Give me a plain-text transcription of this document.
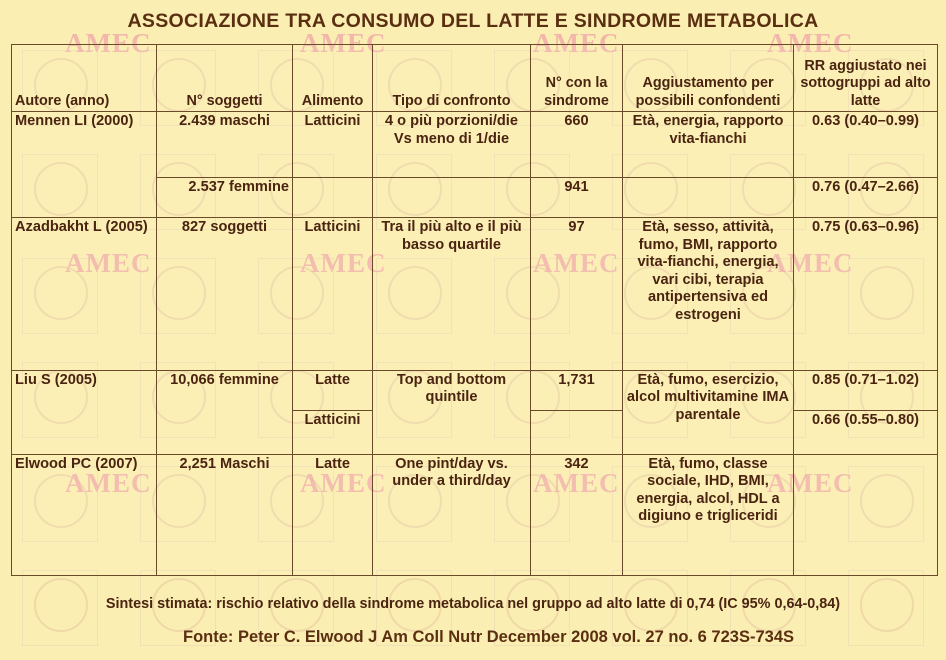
AMEC	AMEC	AMEC	AMEC
AMEC	AMEC	AMEC	AMEC
AMEC	AMEC	AMEC	AMEC
ASSOCIAZIONE TRA CONSUMO DEL LATTE E SINDROME METABOLICA
Autore (anno)	N° soggetti	Alimento	Tipo di confronto	N° con la sindrome	Aggiustamento per possibili confondenti	RR aggiustato nei sottogruppi ad alto latte
Mennen LI (2000)	2.439 maschi	Latticini	4 o più porzioni/die Vs meno di 1/die	660	Età, energia, rapporto vita-fianchi	0.63 (0.40–0.99)
	2.537 femmine			941		0.76 (0.47–2.66)
Azadbakht L (2005)	827 soggetti	Latticini	Tra il più alto e il più basso quartile	97	Età, sesso, attività, fumo, BMI, rapporto vita-fianchi, energia, vari cibi, terapia antipertensiva ed estrogeni	0.75 (0.63–0.96)
Liu S (2005)	10,066 femmine	Latte	Top and bottom quintile	1,731	Età, fumo, esercizio, alcol multivitamine IMA parentale	0.85 (0.71–1.02)
		Latticini				0.66 (0.55–0.80)
Elwood PC (2007)	2,251 Maschi	Latte	One pint/day vs. under a third/day	342	Età, fumo, classe sociale, IHD, BMI, energia, alcol, HDL a digiuno e trigliceridi	
Sintesi stimata: rischio relativo della sindrome metabolica nel gruppo ad alto latte di 0,74 (IC 95% 0,64-0,84)
Fonte: Peter C. Elwood J Am Coll Nutr December 2008 vol. 27 no. 6 723S-734S
